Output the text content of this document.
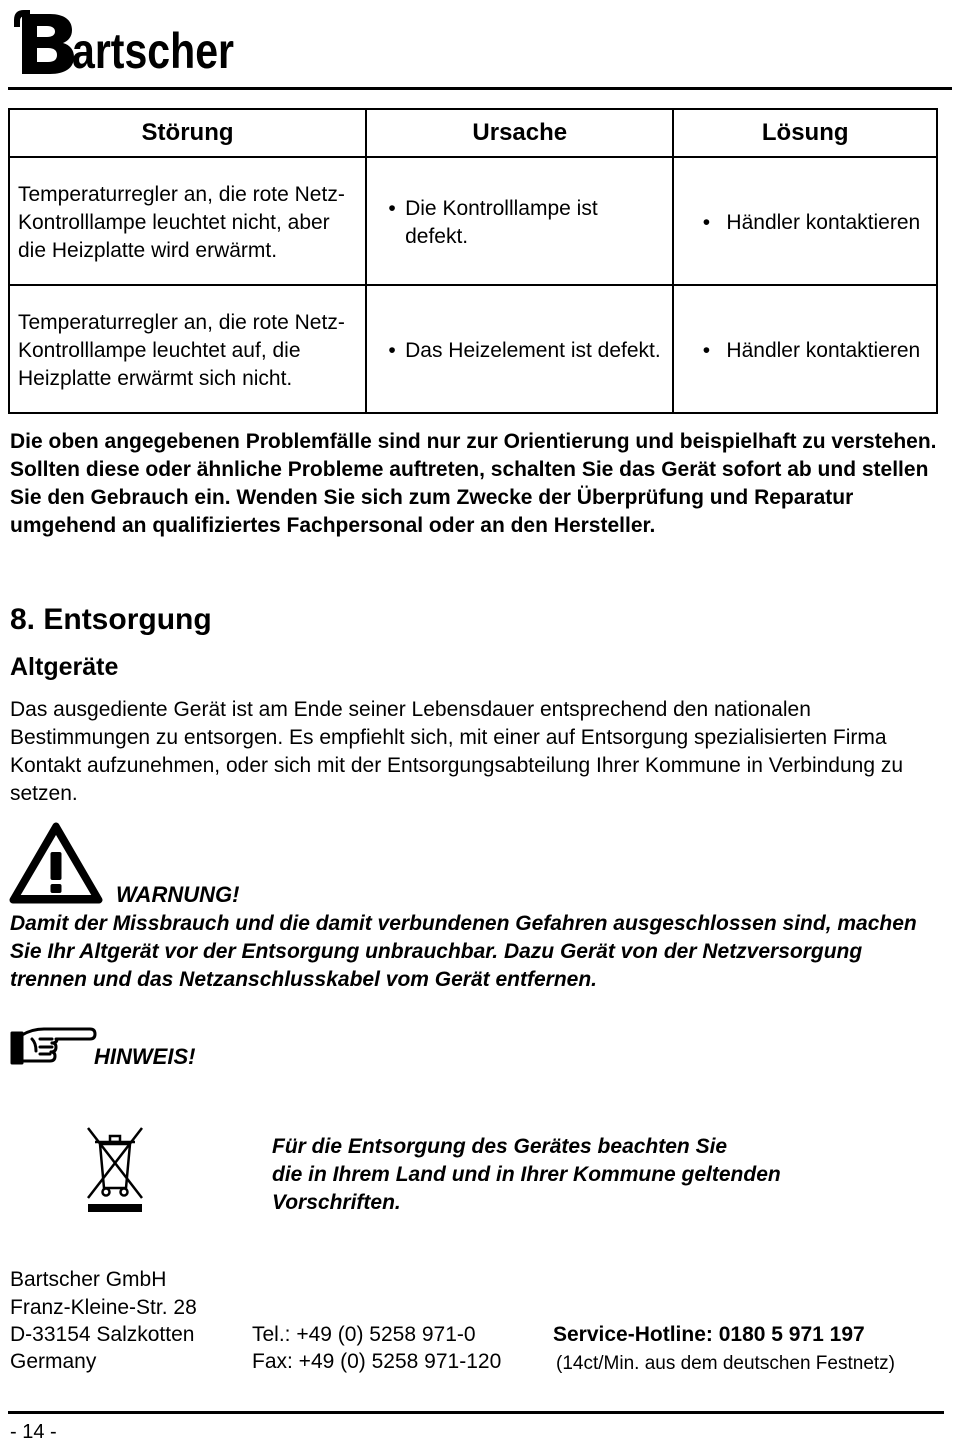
artscher
Störung	Ursache	Lösung
Temperaturregler an, die rote Netz-Kontrolllampe leuchtet nicht, aber die Heizplatte wird erwärmt.	• Die Kontrolllampe ist defekt.	• Händler kontaktieren

Temperaturregler an, die rote Netz-Kontrolllampe leuchtet auf, die Heizplatte erwärmt sich nicht.	• Das Heizelement ist defekt.	• Händler kontaktieren
Die oben angegebenen Problemfälle sind nur zur Orientierung und beispielhaft zu verstehen. Sollten diese oder ähnliche Probleme auftreten, schalten Sie das Gerät sofort ab und stellen Sie den Gebrauch ein. Wenden Sie sich zum Zwecke der Überprüfung und Reparatur umgehend an qualifiziertes Fachpersonal oder an den Hersteller.
8. Entsorgung
Altgeräte
Das ausgediente Gerät ist am Ende seiner Lebensdauer entsprechend den nationalen Bestimmungen zu entsorgen. Es empfiehlt sich, mit einer auf Entsorgung spezialisierten Firma Kontakt aufzunehmen, oder sich mit der Entsorgungsabteilung Ihrer Kommune in Verbindung zu setzen.
WARNUNG!
Damit der Missbrauch und die damit verbundenen Gefahren ausgeschlossen sind, machen Sie Ihr Altgerät vor der Entsorgung unbrauchbar. Dazu Gerät von der Netzversorgung trennen und das Netzanschlusskabel vom Gerät entfernen.
HINWEIS!
Für die Entsorgung des Gerätes beachten Sie
die in Ihrem Land und in Ihrer Kommune geltenden
Vorschriften.
Bartscher GmbH
Franz-Kleine-Str. 28
D-33154 Salzkotten
Germany
Tel.: +49 (0) 5258 971-0
Fax: +49 (0) 5258 971-120
Service-Hotline: 0180 5 971 197
(14ct/Min. aus dem deutschen Festnetz)
- 14 -
